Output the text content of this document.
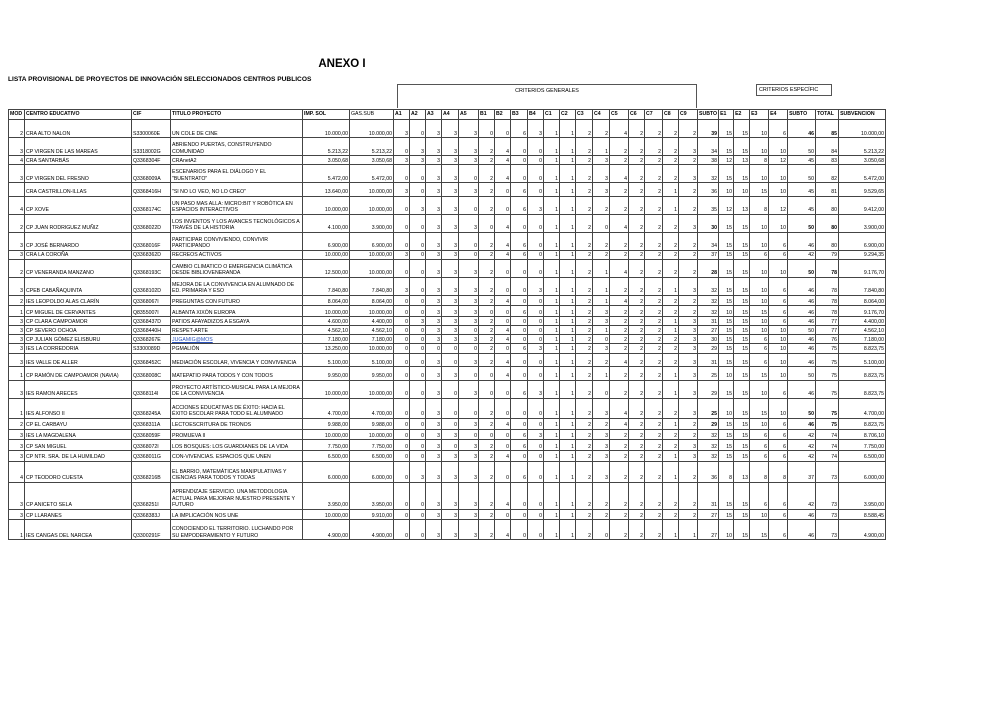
ANEXO I
LISTA PROVISIONAL DE PROYECTOS DE INNOVACIÓN SELECCIONADOS CENTROS PUBLICOS
CRITERIOS GENERALES	CRITERIOS ESPECÍFIC
MOD	CENTRO EDUCATIVO	CIF	TITULO PROYECTO	IMP. SOL	GAS.SUB	A1	A2	A3	A4	A5	B1	B2	B3	B4	C1	C2	C3	C4	C5	C6	C7	C8	C9	SUBTO	E1	E2	E3	E4	SUBTO	TOTAL	SUBVENCION
2	CRA ALTO NALON	S3300060E	UN COLE DE CINE	10.000,00	10.000,00	3	0	3	3	3	0	0	6	3	1	1	2	2	4	2	2	2	2	39	15	15	10	6	46	85	10.000,00
3	CP VIRGEN DE LAS MAREAS	S3318002G	ABRIENDO PUERTAS, CONSTRUYENDO COMUNIDAD	5.213,22	5.213,22	0	3	3	3	3	2	4	0	0	1	1	2	1	2	2	2	2	3	34	15	15	10	10	50	84	5.213,22
4	CRA SANTARBÁS	Q3368304F	CRAnetA2	3.050,68	3.050,68	3	3	3	3	3	2	4	0	0	1	1	2	3	2	2	2	2	2	38	12	13	8	12	45	83	3.050,68
3	CP VIRGEN DEL FRESNO	Q3368009A	ESCENARIOS PARA EL DIÁLOGO Y EL "BUENTRATO"	5.472,00	5.472,00	0	0	3	3	0	2	4	0	0	1	1	2	3	4	2	2	2	3	32	15	15	10	10	50	82	5.472,00
	CRA CASTRILLON-ILLAS	Q3368416H	"SI NO LO VEO, NO LO CREO"	13.640,00	10.000,00	3	0	3	3	3	2	0	6	0	1	1	2	3	2	2	2	1	2	36	10	10	15	10	45	81	9.529,65
4	CP XOVE	Q3368174C	UN PASO MAS ALLA: MICRO:BIT Y ROBÓTICA EN ESPACIOS INTERACTIVOS	10.000,00	10.000,00	0	3	3	3	0	2	0	6	3	1	1	2	2	2	2	2	1	2	35	12	13	8	12	45	80	9.412,00
2	CP JUAN RODRIGUEZ MUÑIZ	Q3368022D	LOS INVENTOS Y LOS AVANCES TECNOLÓGICOS A TRAVÉS DE LA HISTORIA	4.100,00	3.900,00	0	0	3	3	3	0	4	0	0	1	1	2	0	4	2	2	2	3	30	15	15	10	10	50	80	3.900,00
3	CP JOSÉ BERNARDO	Q3368016F	PARTICIPAR CONVIVIENDO, CONVIVIR PARTICIPANDO	6.900,00	6.900,00	0	0	3	3	0	2	4	6	0	1	1	2	2	2	2	2	2	2	34	15	15	10	6	46	80	6.900,00
3	CRA LA COROÑA	Q3368362D	RECREOS ACTIVOS	10.000,00	10.000,00	3	0	3	3	0	2	4	6	0	1	1	2	2	2	2	2	2	2	37	15	15	6	6	42	79	9.294,35
2	CP VENERANDA MANZANO	Q3368193C	CAMBIO CLIMATICO O EMERGENCIA CLIMÁTICA DESDE BIBLIOVENERANDA	12.500,00	10.000,00	0	0	3	3	3	2	0	0	0	1	1	2	1	4	2	2	2	2	28	15	15	10	10	50	78	9.176,70
3	CPEB CABAÑAQUINTA	Q3368102D	MEJORA DE LA CONVIVENCIA EN ALUMNADO DE ED. PRIMARIA Y ESO	7.840,80	7.840,80	3	0	3	3	3	2	0	0	3	1	1	2	1	2	2	2	1	3	32	15	15	10	6	46	78	7.840,80
2	IES LEOPOLDO ALAS CLARÍN	Q3368067I	PREGUNTAS CON FUTURO	8.064,00	8.064,00	0	0	3	3	3	2	4	0	0	1	1	2	1	4	2	2	2	2	32	15	15	10	6	46	78	8.064,00
1	CP MIGUEL DE CERVANTES	Q8355007I	ALBANTA XIXÓN EUROPA	10.000,00	10.000,00	0	0	3	3	3	0	0	6	0	1	1	2	3	2	2	2	2	2	32	10	15	15	6	46	78	9.176,70
3	CP CLARA CAMPOAMOR	Q3368437D	PATIOS AFAYADIZOS A ESGAYA	4.600,00	4.400,00	0	3	3	3	3	2	0	0	0	1	1	2	3	2	2	2	1	3	31	15	15	10	6	46	77	4.400,00
3	CP SEVERO OCHOA	Q3368440H	RESPET-ARTE	4.562,10	4.562,10	0	0	3	3	0	2	4	0	0	1	1	2	1	2	2	2	1	3	27	15	15	10	10	50	77	4.562,10
3	CP JULIAN GÓMEZ ELISBURU	Q3368267E	JUGAMIG@MOS	7.180,00	7.180,00	0	0	3	3	3	2	4	0	0	1	1	2	0	2	2	2	2	3	30	15	15	6	10	46	76	7.180,00
3	IES LA CORREDORIA	S3300089D	PGMALIÓN	13.250,00	10.000,00	0	0	0	0	0	2	0	6	3	1	1	2	3	2	2	2	2	3	29	15	15	6	10	46	75	8.823,75
3	IES VALLE DE ALLER	Q3368452C	MEDIACIÓN ESCOLAR, VIVENCIA Y CONVIVENCIA	5.100,00	5.100,00	0	0	3	0	3	2	4	0	0	1	1	2	2	4	2	2	2	3	31	15	15	6	10	46	75	5.100,00
1	CP RAMÓN DE CAMPOAMOR (NAVIA)	Q3368008C	MATEPATIO PARA TODOS Y CON TODOS	9.950,00	9.950,00	0	0	3	3	0	0	4	0	0	1	1	2	1	2	2	2	1	3	25	10	15	15	10	50	75	8.823,75
3	IES RAMON ARECES	Q3368114I	PROYECTO ARTÍSTICO-MUSICAL PARA LA MEJORA DE LA CONVIVENCIA	10.000,00	10.000,00	0	0	3	0	3	0	0	6	3	1	1	2	0	2	2	2	1	3	29	15	15	10	6	46	75	8.823,75
1	IES ALFONSO II	Q3368245A	ACCIONES EDUCATIVAS DE ÉXITO: HACIA EL ÉXITO ESCOLAR PARA TODO EL ALUMNADO	4.700,00	4.700,00	0	0	3	0	0	2	0	0	0	1	1	2	3	4	2	2	2	3	25	10	15	15	10	50	75	4.700,00
2	CP EL CARBAYU	Q3368311A	LECTOESCRITURA DE TRONOS	9.988,00	9.988,00	0	0	3	0	3	2	4	0	0	1	1	2	2	4	2	2	1	2	29	15	15	10	6	46	75	8.823,75
3	IES LA MAGDALENA	Q3368059F	PROMUEVA II	10.000,00	10.000,00	0	0	3	3	0	0	0	6	3	1	1	2	3	2	2	2	2	2	32	15	15	6	6	42	74	8.706,10
3	CP SAN MIGUEL	Q3368072I	LOS BOSQUES: LOS GUARDIANES DE LA VIDA	7.750,00	7.750,00	0	0	3	0	3	2	0	6	0	1	1	2	3	2	2	2	2	3	32	15	15	6	6	42	74	7.750,00
3	CP NTR. SRA. DE LA HUMILDAD	Q3368011G	CON-VIVENCIAS. ESPACIOS QUE UNEN	6.500,00	6.500,00	0	0	3	3	3	2	4	0	0	1	1	2	3	2	2	2	1	3	32	15	15	6	6	42	74	6.500,00
4	CP TEODORO CUESTA	Q3368216B	EL BARRIO, MATEMÁTICAS MANIPULATIVAS Y CIENCIAS PARA TODOS Y TODAS	6.000,00	6.000,00	0	3	3	3	3	2	0	6	0	1	1	2	3	2	2	2	1	2	36	8	13	8	8	37	73	6.000,00
3	CP ANICETO SELA	Q3368251I	APRENDIZAJE SERVICIO. UNA METODOLOGIA ACTUAL PARA MEJORAR NUESTRO PRESENTE Y FUTURO	3.950,00	3.950,00	0	0	3	3	3	2	4	0	0	1	1	2	2	2	2	2	2	2	31	15	15	6	6	42	73	3.950,00
3	CP LLARANES	Q3368383J	LA IMPLICACIÓN NOS UNE	10.000,00	9.910,00	0	0	3	3	3	2	0	0	0	1	1	2	2	2	2	2	2	2	27	15	15	10	6	46	73	8.588,45
1	IES CANGAS DEL NARCEA	Q3300291F	CONOCIENDO EL TERRITORIO. LUCHANDO POR SU EMPODERAMIENTO Y FUTURO	4.900,00	4.900,00	0	0	3	3	3	2	4	0	0	1	1	2	0	2	2	2	1	1	27	10	15	15	6	46	73	4.900,00
